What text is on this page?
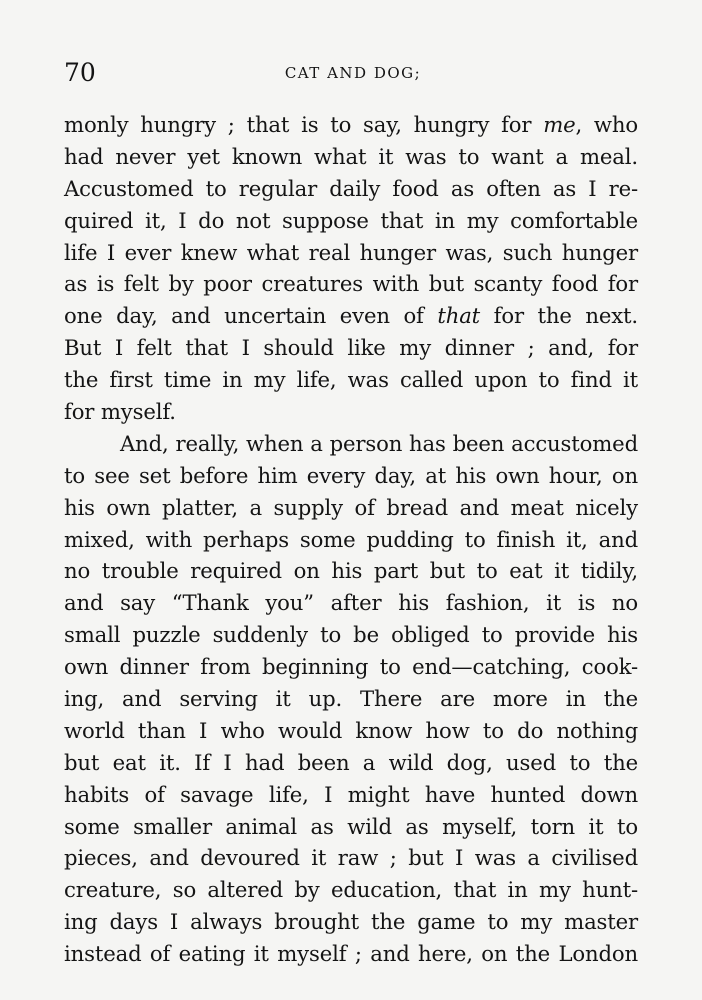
70	CAT AND DOG;
monly hungry ; that is to say, hungry for me, who
had never yet known what it was to want a meal.
Accustomed to regular daily food as often as I re-
quired it, I do not suppose that in my comfortable
life I ever knew what real hunger was, such hunger
as is felt by poor creatures with but scanty food for
one day, and uncertain even of that for the next.
But I felt that I should like my dinner ; and, for
the first time in my life, was called upon to find it
for myself.
And, really, when a person has been accustomed
to see set before him every day, at his own hour, on
his own platter, a supply of bread and meat nicely
mixed, with perhaps some pudding to finish it, and
no trouble required on his part but to eat it tidily,
and say “Thank you” after his fashion, it is no
small puzzle suddenly to be obliged to provide his
own dinner from beginning to end—catching, cook-
ing, and serving it up. There are more in the
world than I who would know how to do nothing
but eat it. If I had been a wild dog, used to the
habits of savage life, I might have hunted down
some smaller animal as wild as myself, torn it to
pieces, and devoured it raw ; but I was a civilised
creature, so altered by education, that in my hunt-
ing days I always brought the game to my master
instead of eating it myself ; and here, on the London
